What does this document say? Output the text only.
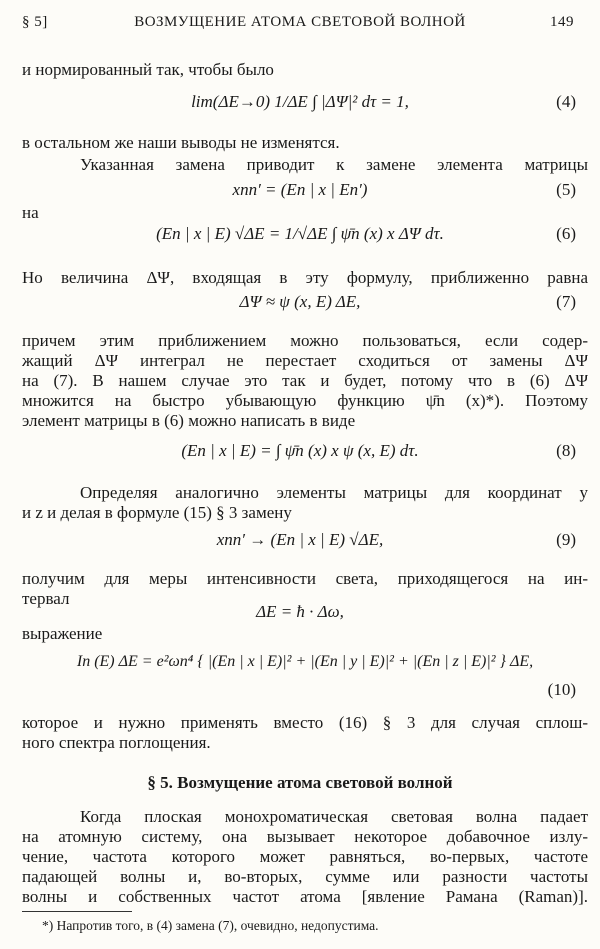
§ 5]	ВОЗМУЩЕНИЕ АТОМА СВЕТОВОЙ ВОЛНОЙ	149
и нормированный так, чтобы было
lim(ΔE→0) 1/ΔE ∫ |ΔΨ|² dτ = 1,	(4)
в остальном же наши выводы не изменятся.
Указанная замена приводит к замене элемента матрицы
xnn′ = (En | x | En′)	(5)
на
(En | x | E) √ΔE = 1/√ΔE ∫ ψ̄n (x) x ΔΨ dτ.	(6)
Но величина ΔΨ, входящая в эту формулу, приближенно равна
ΔΨ ≈ ψ (x, E) ΔE,	(7)
причем этим приближением можно пользоваться, если содер-
жащий ΔΨ интеграл не перестает сходиться от замены ΔΨ
на (7). В нашем случае это так и будет, потому что в (6) ΔΨ
множится на быстро убывающую функцию ψ̄n (x)*). Поэтому
элемент матрицы в (6) можно написать в виде
(En | x | E) = ∫ ψ̄n (x) x ψ (x, E) dτ.	(8)
Определяя аналогично элементы матрицы для координат y
и z и делая в формуле (15) § 3 замену
xnn′ → (En | x | E) √ΔE,	(9)
получим для меры интенсивности света, приходящегося на ин-
тервал
ΔE = ħ · Δω,
выражение
In (E) ΔE = e²ωn⁴ { |(En | x | E)|² + |(En | y | E)|² + |(En | z | E)|² } ΔE,
(10)
которое и нужно применять вместо (16) § 3 для случая сплош-
ного спектра поглощения.
§ 5. Возмущение атома световой волной
Когда плоская монохроматическая световая волна падает
на атомную систему, она вызывает некоторое добавочное излу-
чение, частота которого может равняться, во-первых, частоте
падающей волны и, во-вторых, сумме или разности частоты
волны и собственных частот атома [явление Рамана (Raman)].
*) Напротив того, в (4) замена (7), очевидно, недопустима.
